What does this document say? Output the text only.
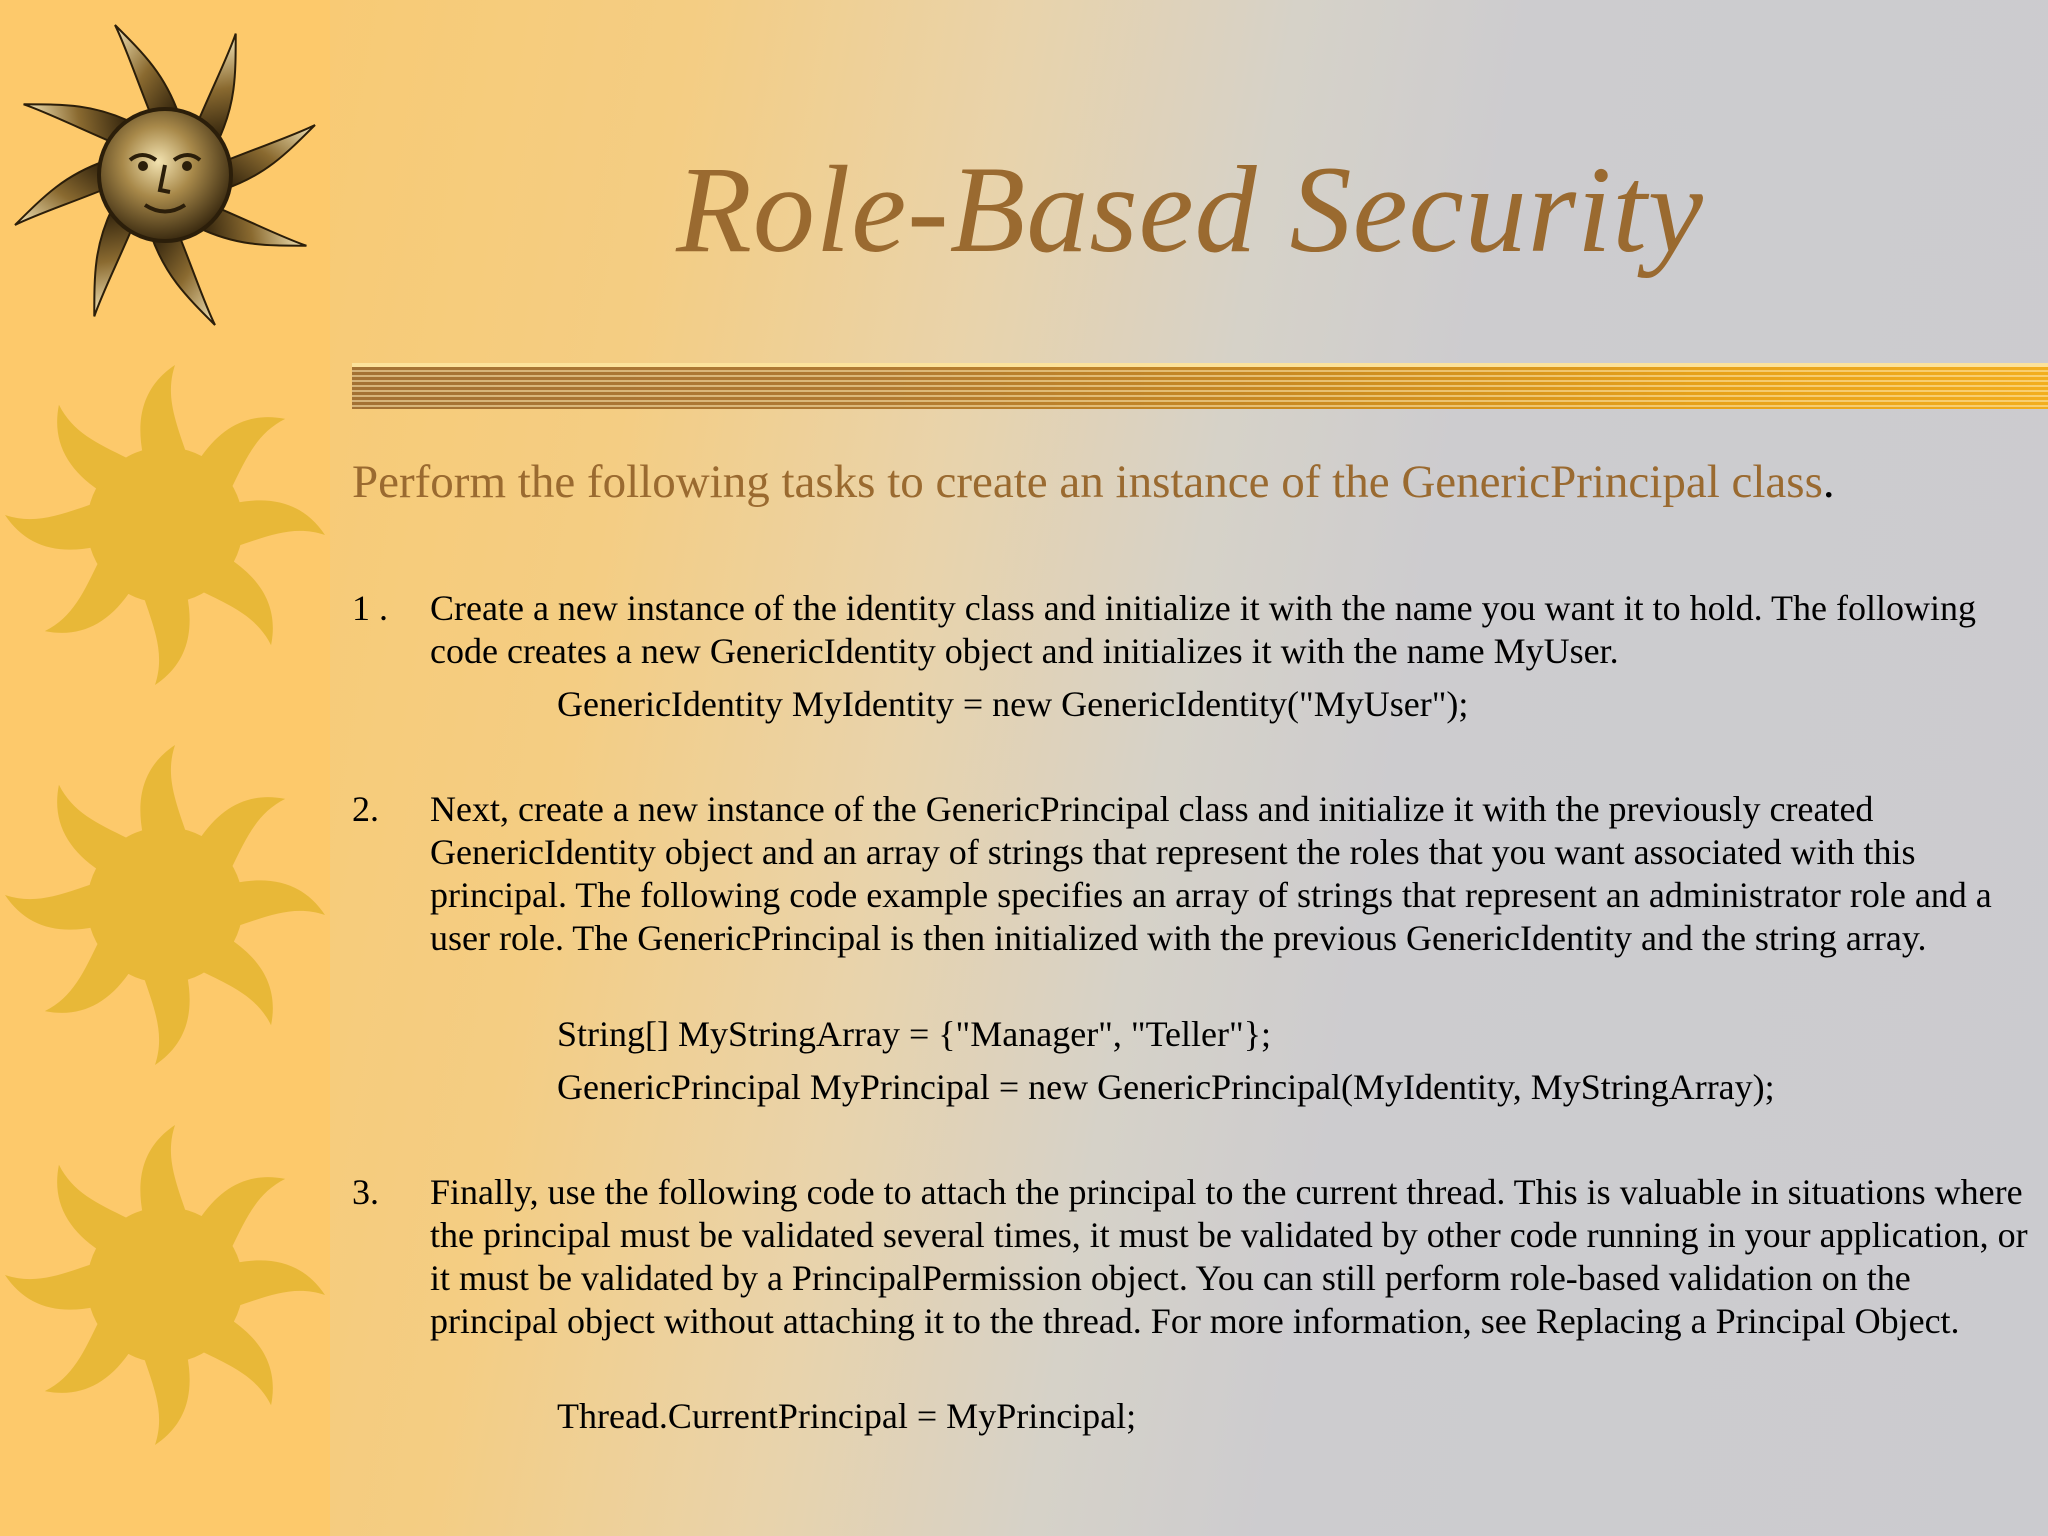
Role-Based Security

Perform the following tasks to create an instance of the GenericPrincipal class.

1 . Create a new instance of the identity class and initialize it with the name you want it to hold. The following code creates a new GenericIdentity object and initializes it with the name MyUser.
GenericIdentity MyIdentity = new GenericIdentity("MyUser");
2. Next, create a new instance of the GenericPrincipal class and initialize it with the previously created GenericIdentity object and an array of strings that represent the roles that you want associated with this principal. The following code example specifies an array of strings that represent an administrator role and a user role. The GenericPrincipal is then initialized with the previous GenericIdentity and the string array.
String[] MyStringArray = {"Manager", "Teller"};
GenericPrincipal MyPrincipal = new GenericPrincipal(MyIdentity, MyStringArray);
3. Finally, use the following code to attach the principal to the current thread. This is valuable in situations where the principal must be validated several times, it must be validated by other code running in your application, or it must be validated by a PrincipalPermission object. You can still perform role-based validation on the principal object without attaching it to the thread. For more information, see Replacing a Principal Object.
Thread.CurrentPrincipal = MyPrincipal;
